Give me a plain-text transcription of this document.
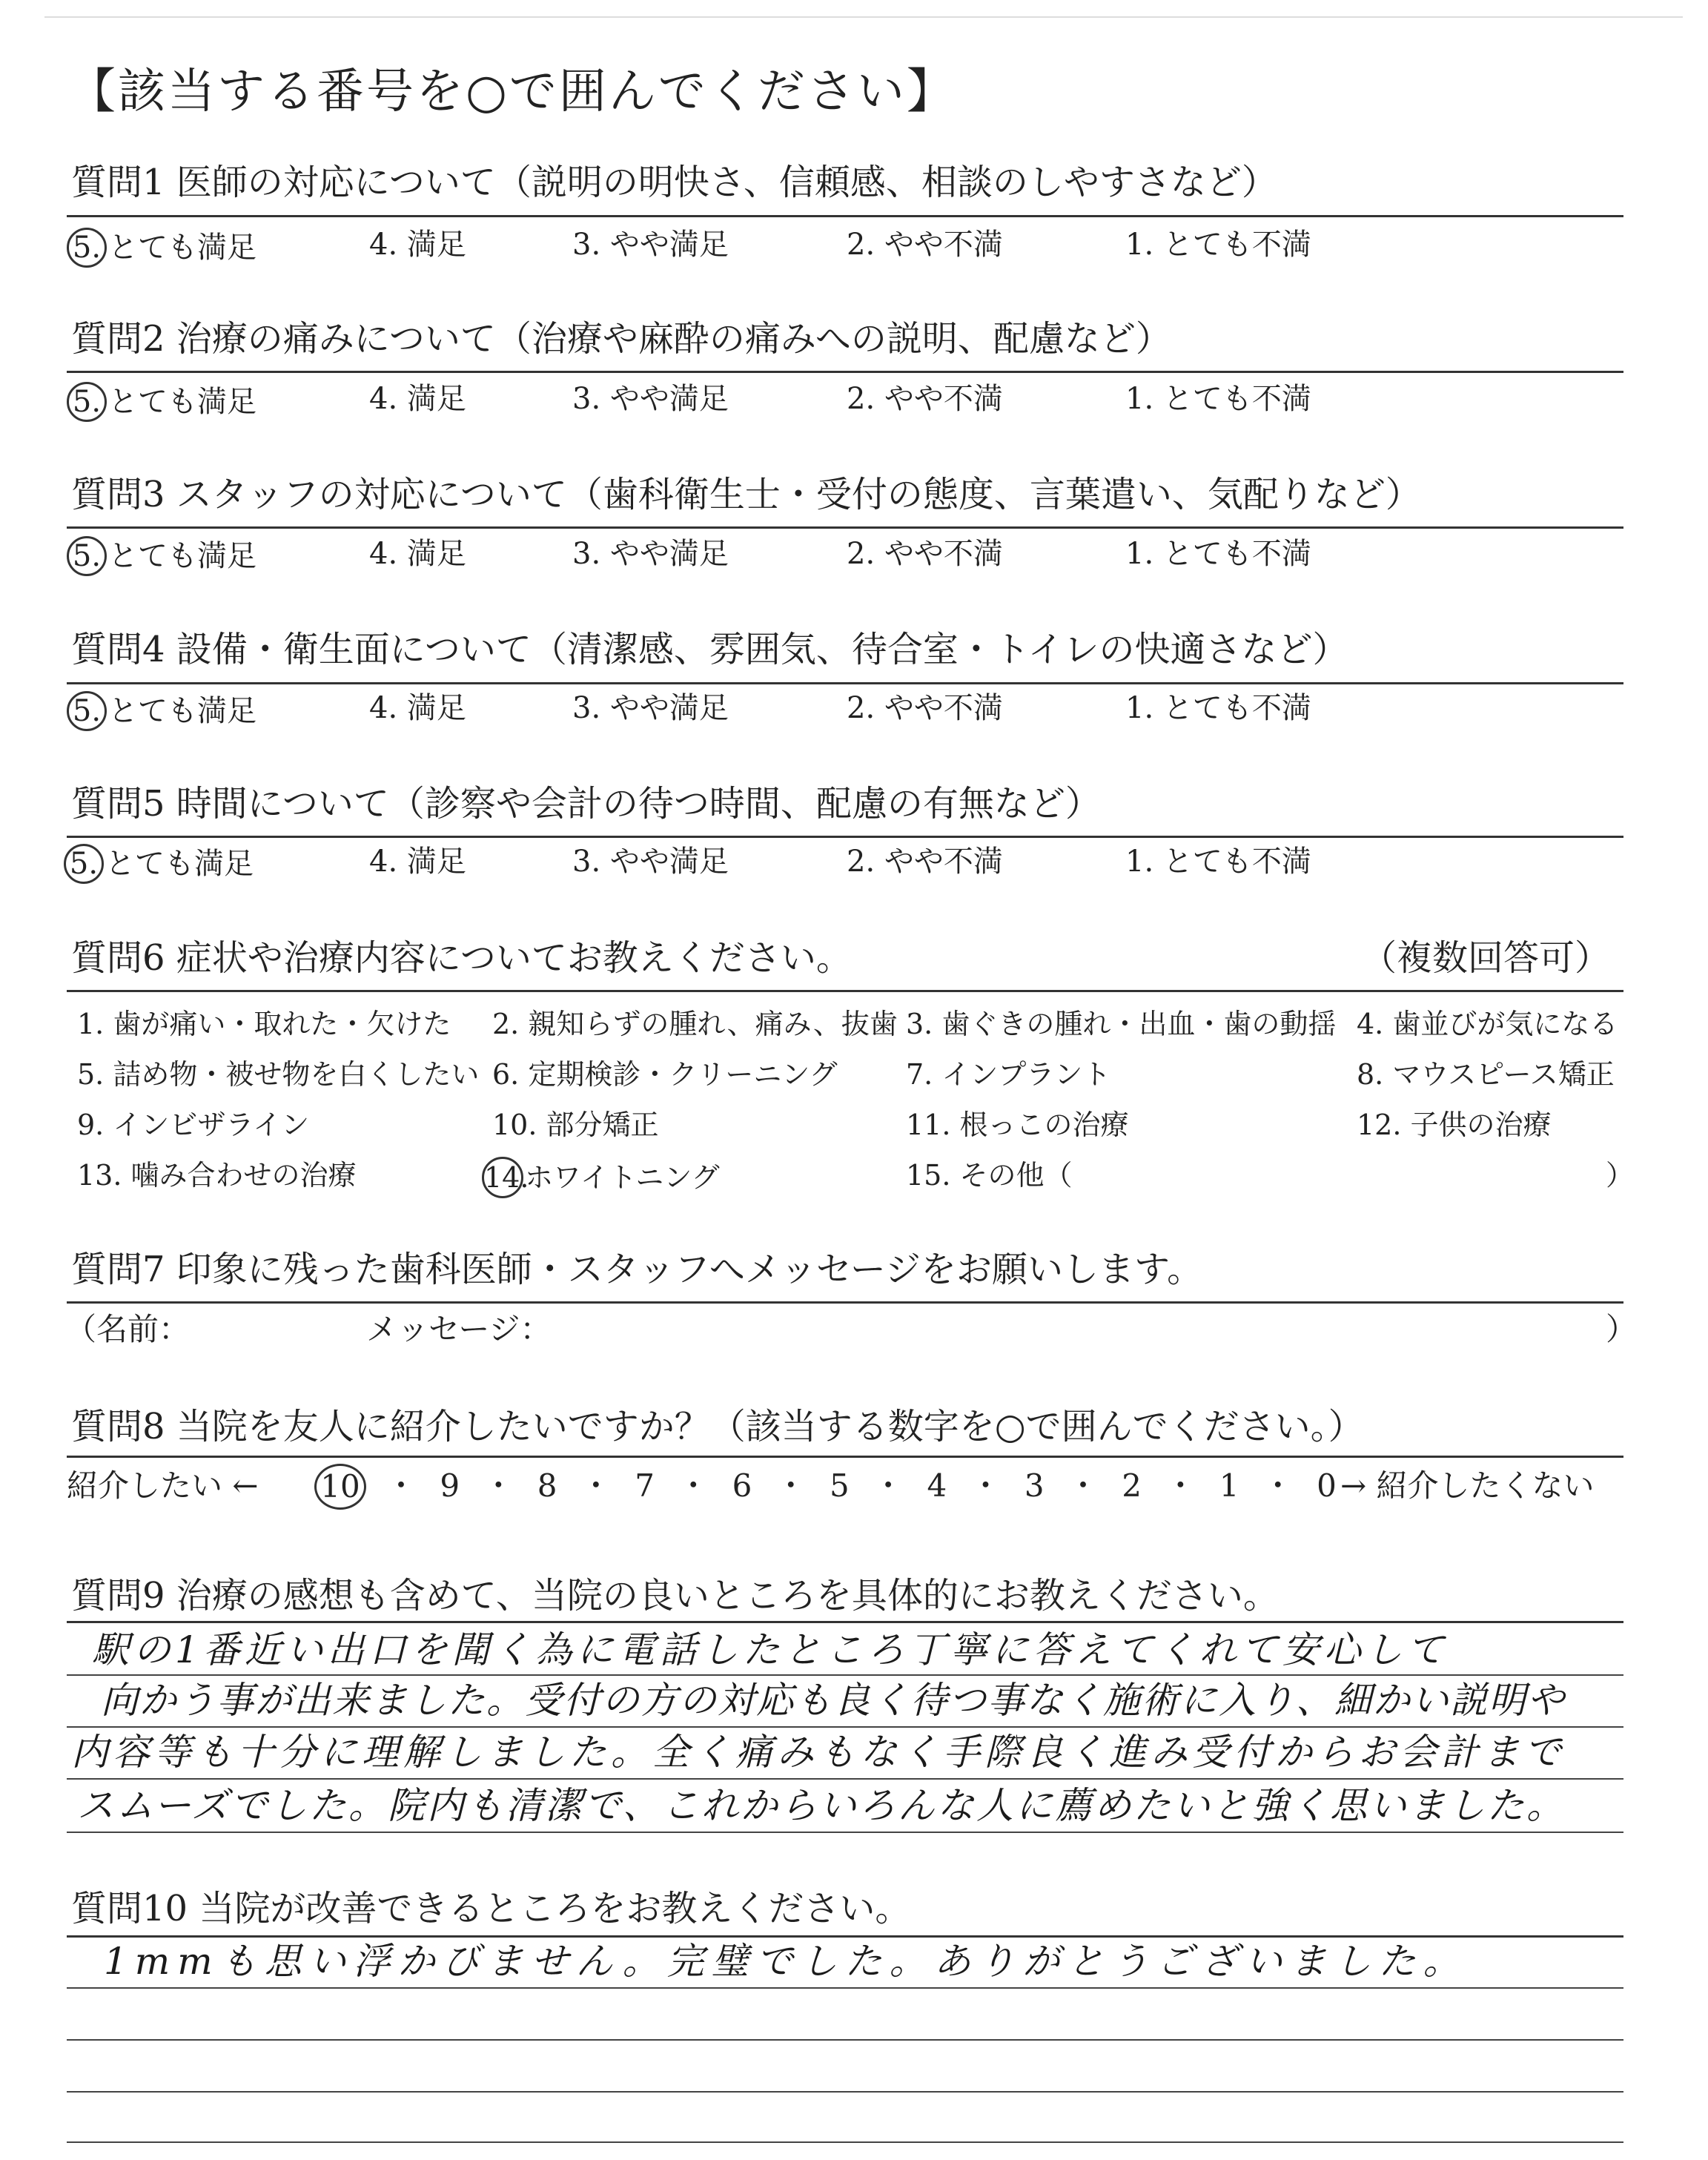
【該当する番号を○で囲んでください】
質問1 医師の対応について（説明の明快さ、信頼感、相談のしやすさなど）
5. とても満足	4. 満足	3. やや満足	2. やや不満	1. とても不満
質問2 治療の痛みについて（治療や麻酔の痛みへの説明、配慮など）
5. とても満足	4. 満足	3. やや満足	2. やや不満	1. とても不満
質問3 スタッフの対応について（歯科衛生士・受付の態度、言葉遣い、気配りなど）
5. とても満足	4. 満足	3. やや満足	2. やや不満	1. とても不満
質問4 設備・衛生面について（清潔感、雰囲気、待合室・トイレの快適さなど）
5. とても満足	4. 満足	3. やや満足	2. やや不満	1. とても不満
質問5 時間について（診察や会計の待つ時間、配慮の有無など）
5. とても満足	4. 満足	3. やや満足	2. やや不満	1. とても不満
質問6 症状や治療内容についてお教えください。	（複数回答可）
1. 歯が痛い・取れた・欠けた 2. 親知らずの腫れ、痛み、抜歯 3. 歯ぐきの腫れ・出血・歯の動揺 4. 歯並びが気になる
5. 詰め物・被せ物を白くしたい 6. 定期検診・クリーニング 7. インプラント	8. マウスピース矯正
9. インビザライン	10. 部分矯正	11. 根っこの治療	12. 子供の治療
13. 噛み合わせの治療	14.ホワイトニング	15. その他（	）
質問7 印象に残った歯科医師・スタッフへメッセージをお願いします。
（名前：	メッセージ：	）
質問8 当院を友人に紹介したいですか？（該当する数字を○で囲んでください。）
紹介したい ← 10 ・ 9 ・ 8 ・ 7 ・ 6 ・ 5 ・ 4 ・ 3 ・ 2 ・ 1 ・ 0 → 紹介したくない
質問9 治療の感想も含めて、当院の良いところを具体的にお教えください。
駅の1番近い出口を聞く為に電話したところ丁寧に答えてくれて安心して
向かう事が出来ました。受付の方の対応も良く待つ事なく施術に入り、細かい説明や
内容等も十分に理解しました。全く痛みもなく手際良く進み受付からお会計まで
スムーズでした。院内も清潔で、これからいろんな人に薦めたいと強く思いました。
質問10 当院が改善できるところをお教えください。
1mmも思い浮かびません。完璧でした。ありがとうございました。
